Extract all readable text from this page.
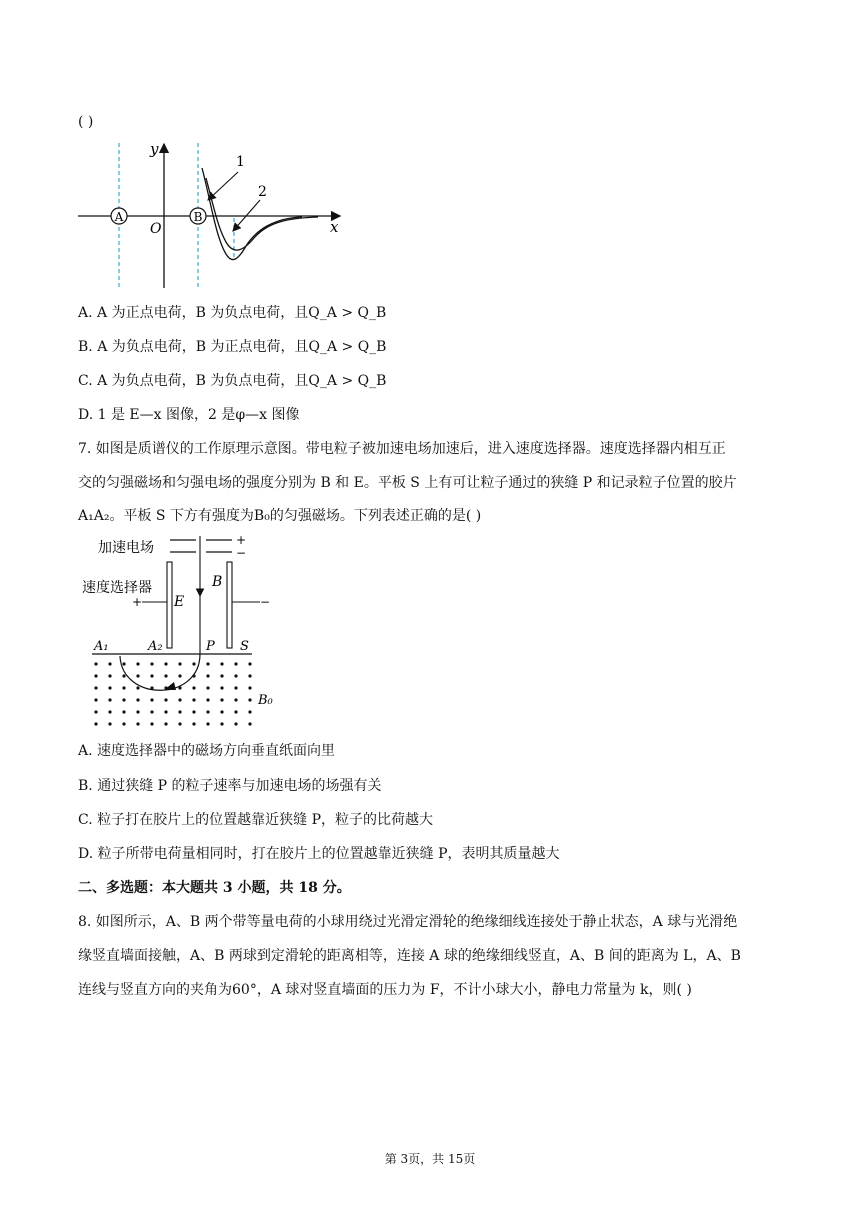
( )
y
x
O
A	B
1
2
A. A 为正点电荷，B 为负点电荷，且Q_A > Q_B
B. A 为负点电荷，B 为正点电荷，且Q_A > Q_B
C. A 为负点电荷，B 为负点电荷，且Q_A > Q_B
D. 1 是 E—x 图像，2 是φ—x 图像
7. 如图是质谱仪的工作原理示意图。带电粒子被加速电场加速后，进入速度选择器。速度选择器内相互正
交的匀强磁场和匀强电场的强度分别为 B 和 E。平板 S 上有可让粒子通过的狭缝 P 和记录粒子位置的胶片
A₁A₂。平板 S 下方有强度为B₀的匀强磁场。下列表述正确的是( )
加速电场	+
−
速度选择器
+	−
E
B
A₁	A₂	P S
B₀
A. 速度选择器中的磁场方向垂直纸面向里
B. 通过狭缝 P 的粒子速率与加速电场的场强有关
C. 粒子打在胶片上的位置越靠近狭缝 P，粒子的比荷越大
D. 粒子所带电荷量相同时，打在胶片上的位置越靠近狭缝 P，表明其质量越大
二、多选题：本大题共 3 小题，共 18 分。
8. 如图所示，A、B 两个带等量电荷的小球用绕过光滑定滑轮的绝缘细线连接处于静止状态，A 球与光滑绝
缘竖直墙面接触，A、B 两球到定滑轮的距离相等，连接 A 球的绝缘细线竖直，A、B 间的距离为 L，A、B
连线与竖直方向的夹角为60°，A 球对竖直墙面的压力为 F，不计小球大小，静电力常量为 k，则( )
第 3页，共 15页
